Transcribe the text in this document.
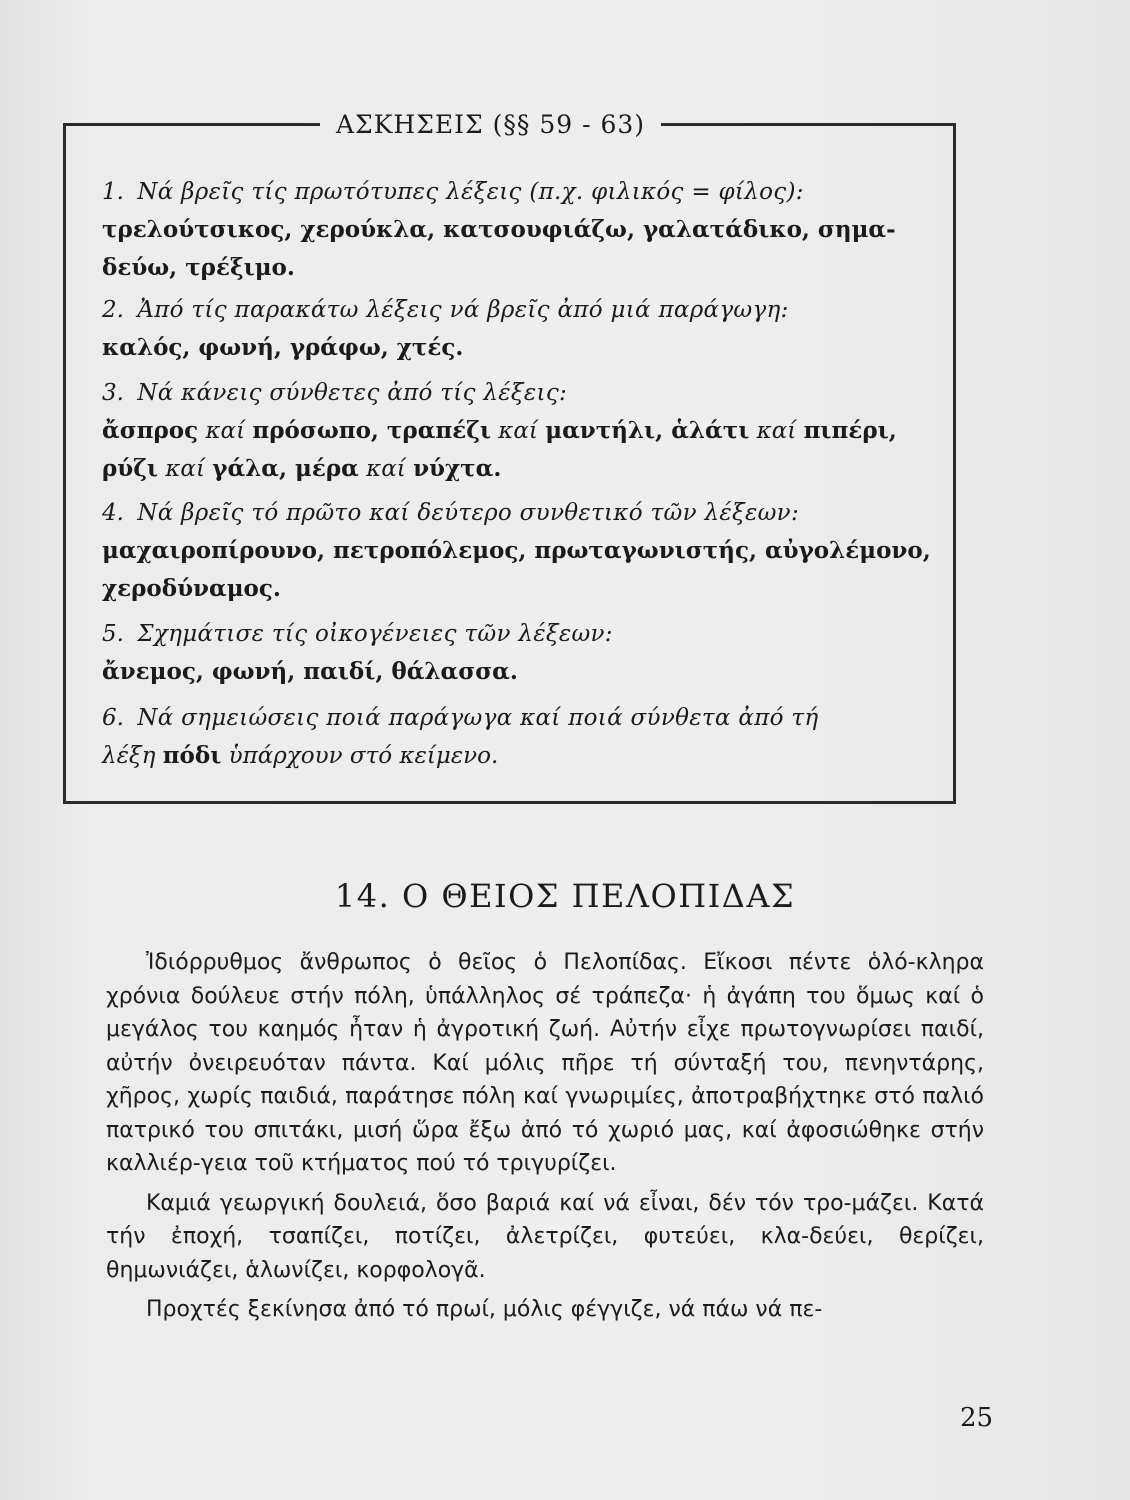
ΑΣΚΗΣΕΙΣ (§§ 59 - 63)
1. Νά βρεῖς τίς πρωτότυπες λέξεις (π.χ. φιλικός = φίλος):
τρελούτσικος, χερούκλα, κατσουφιάζω, γαλατάδικο, σημα-
δεύω, τρέξιμο.
2. Ἀπό τίς παρακάτω λέξεις νά βρεῖς ἀπό μιά παράγωγη:
καλός, φωνή, γράφω, χτές.
3. Νά κάνεις σύνθετες ἀπό τίς λέξεις:
ἄσπρος καί πρόσωπο, τραπέζι καί μαντήλι, ἁλάτι καί πιπέρι,
ρύζι καί γάλα, μέρα καί νύχτα.
4. Νά βρεῖς τό πρῶτο καί δεύτερο συνθετικό τῶν λέξεων:
μαχαιροπίρουνο, πετροπόλεμος, πρωταγωνιστής, αὐγολέμονο,
χεροδύναμος.
5. Σχημάτισε τίς οἰκογένειες τῶν λέξεων:
ἄνεμος, φωνή, παιδί, θάλασσα.
6. Νά σημειώσεις ποιά παράγωγα καί ποιά σύνθετα ἀπό τή
λέξη πόδι ὑπάρχουν στό κείμενο.
14. Ο ΘΕΙΟΣ ΠΕΛΟΠΙΔΑΣ

Ἰδιόρρυθμος ἄνθρωπος ὁ θεῖος ὁ Πελοπίδας. Εἴκοσι πέντε ὁλό-κληρα χρόνια δούλευε στήν πόλη, ὑπάλληλος σέ τράπεζα· ἡ ἀγάπη του ὅμως καί ὁ μεγάλος του καημός ἦταν ἡ ἀγροτική ζωή. Αὐτήν εἶχε πρωτογνωρίσει παιδί, αὐτήν ὀνειρευόταν πάντα. Καί μόλις πῆρε τή σύνταξή του, πενηντάρης, χῆρος, χωρίς παιδιά, παράτησε πόλη καί γνωριμίες, ἀποτραβήχτηκε στό παλιό πατρικό του σπιτάκι, μισή ὥρα ἔξω ἀπό τό χωριό μας, καί ἀφοσιώθηκε στήν καλλιέρ-γεια τοῦ κτήματος πού τό τριγυρίζει.

Καμιά γεωργική δουλειά, ὅσο βαριά καί νά εἶναι, δέν τόν τρο-μάζει. Κατά τήν ἐποχή, τσαπίζει, ποτίζει, ἀλετρίζει, φυτεύει, κλα-δεύει, θερίζει, θημωνιάζει, ἁλωνίζει, κορφολογᾶ.

Προχτές ξεκίνησα ἀπό τό πρωί, μόλις φέγγιζε, νά πάω νά πε-

25
